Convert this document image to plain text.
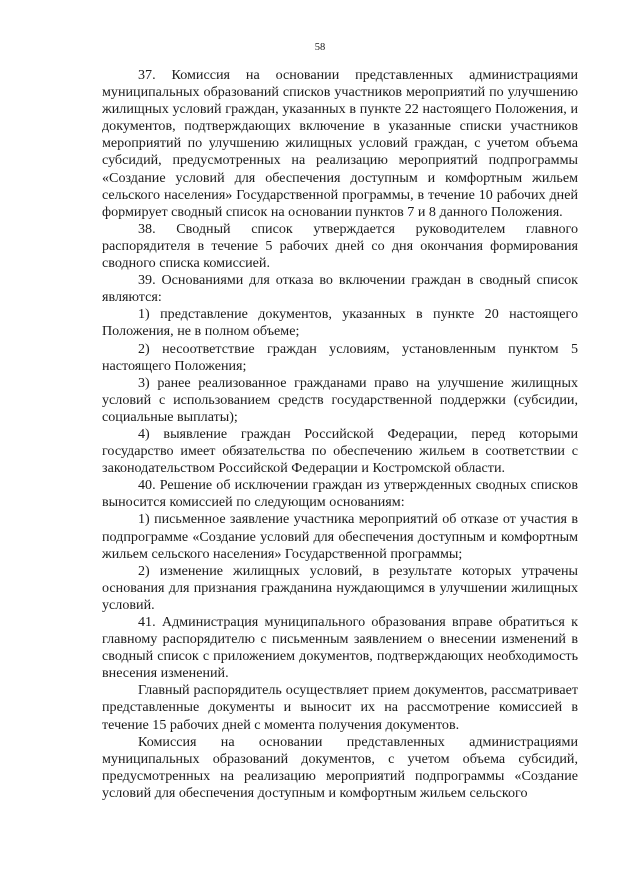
58

37. Комиссия на основании представленных администрациями муниципальных образований списков участников мероприятий по улучшению жилищных условий граждан, указанных в пункте 22 настоящего Положения, и документов, подтверждающих включение в указанные списки участников мероприятий по улучшению жилищных условий граждан, с учетом объема субсидий, предусмотренных на реализацию мероприятий подпрограммы «Создание условий для обеспечения доступным и комфортным жильем сельского населения» Государственной программы, в течение 10 рабочих дней формирует сводный список на основании пунктов 7 и 8 данного Положения.

38. Сводный список утверждается руководителем главного распорядителя в течение 5 рабочих дней со дня окончания формирования сводного списка комиссией.

39. Основаниями для отказа во включении граждан в сводный список являются:

1) представление документов, указанных в пункте 20 настоящего Положения, не в полном объеме;

2) несоответствие граждан условиям, установленным пунктом 5 настоящего Положения;

3) ранее реализованное гражданами право на улучшение жилищных условий с использованием средств государственной поддержки (субсидии, социальные выплаты);

4) выявление граждан Российской Федерации, перед которыми государство имеет обязательства по обеспечению жильем в соответствии с законодательством Российской Федерации и Костромской области.

40. Решение об исключении граждан из утвержденных сводных списков выносится комиссией по следующим основаниям:

1) письменное заявление участника мероприятий об отказе от участия в подпрограмме «Создание условий для обеспечения доступным и комфортным жильем сельского населения» Государственной программы;

2) изменение жилищных условий, в результате которых утрачены основания для признания гражданина нуждающимся в улучшении жилищных условий.

41. Администрация муниципального образования вправе обратиться к главному распорядителю с письменным заявлением о внесении изменений в сводный список с приложением документов, подтверждающих необходимость внесения изменений.

Главный распорядитель осуществляет прием документов, рассматривает представленные документы и выносит их на рассмотрение комиссией в течение 15 рабочих дней с момента получения документов.

Комиссия на основании представленных администрациями муниципальных образований документов, с учетом объема субсидий, предусмотренных на реализацию мероприятий подпрограммы «Создание условий для обеспечения доступным и комфортным жильем сельского
